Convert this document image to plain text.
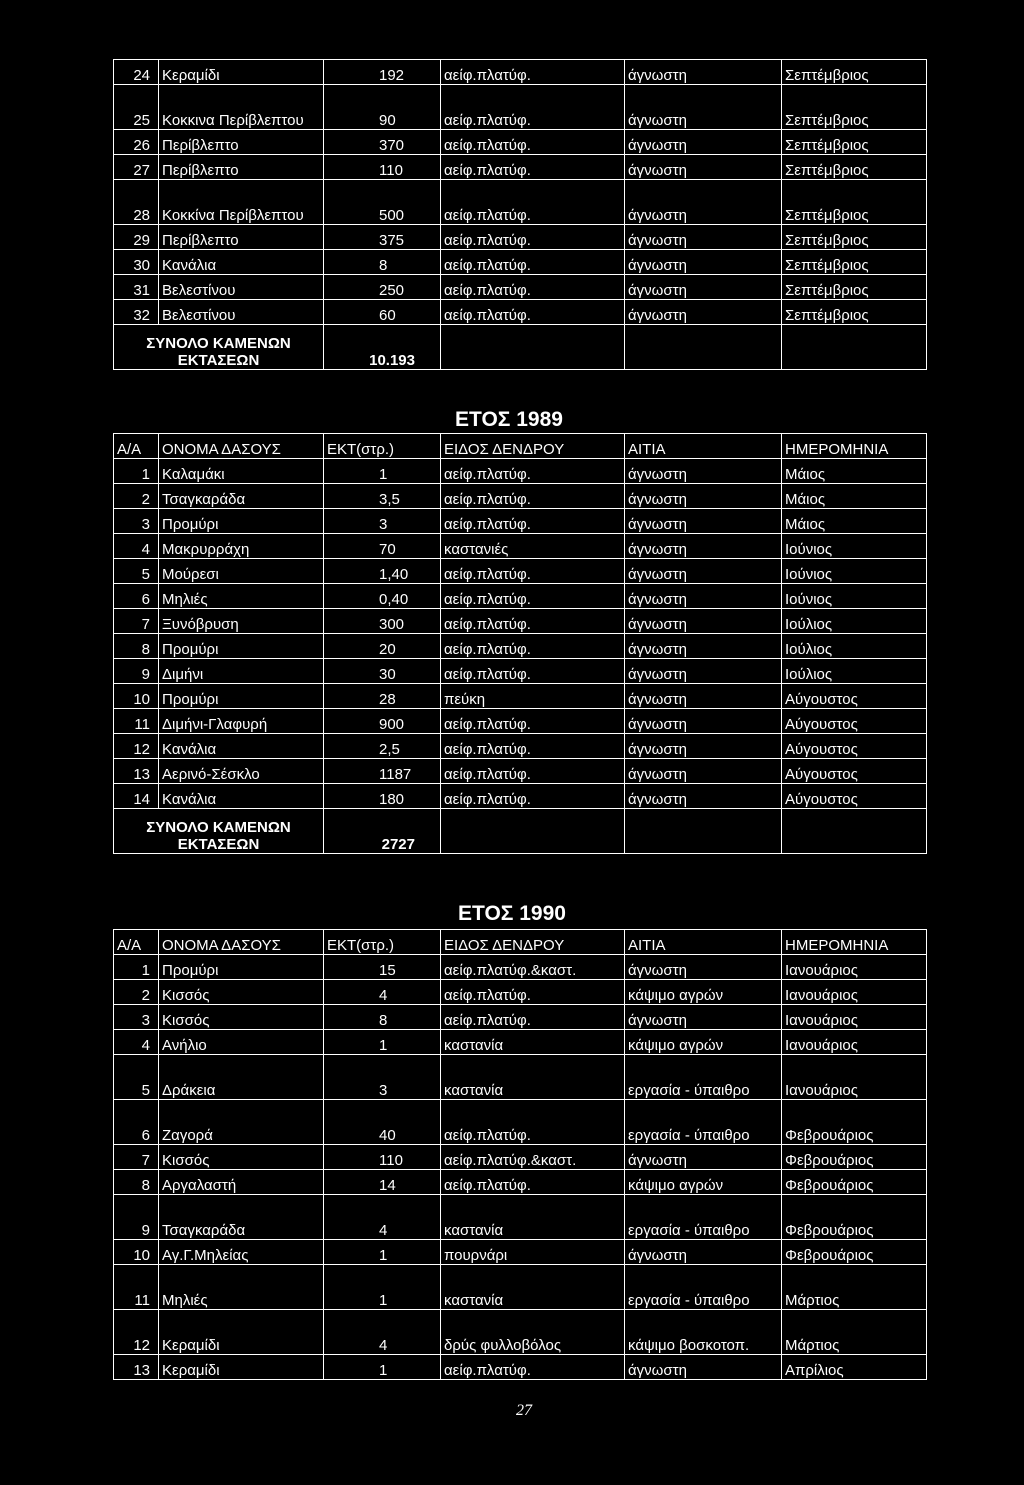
24	Κεραμίδι	192	αείφ.πλατύφ.	άγνωστη	Σεπτέμβριος
25	Κοκκινα Περίβλεπτου	90	αείφ.πλατύφ.	άγνωστη	Σεπτέμβριος
26	Περίβλεπτο	370	αείφ.πλατύφ.	άγνωστη	Σεπτέμβριος
27	Περίβλεπτο	110	αείφ.πλατύφ.	άγνωστη	Σεπτέμβριος
28	Κοκκίνα Περίβλεπτου	500	αείφ.πλατύφ.	άγνωστη	Σεπτέμβριος
29	Περίβλεπτο	375	αείφ.πλατύφ.	άγνωστη	Σεπτέμβριος
30	Κανάλια	8	αείφ.πλατύφ.	άγνωστη	Σεπτέμβριος
31	Βελεστίνου	250	αείφ.πλατύφ.	άγνωστη	Σεπτέμβριος
32	Βελεστίνου	60	αείφ.πλατύφ.	άγνωστη	Σεπτέμβριος
ΣΥΝΟΛΟ ΚΑΜΕΝΩΝ ΕΚΤΑΣΕΩΝ		10.193			
ΕΤΟΣ 1989
Α/Α	ΟΝΟΜΑ ΔΑΣΟΥΣ	ΕΚΤ(στρ.)	ΕΙΔΟΣ ΔΕΝΔΡΟΥ	ΑΙΤΙΑ	ΗΜΕΡΟΜΗΝΙΑ
1	Καλαμάκι	1	αείφ.πλατύφ.	άγνωστη	Μάιος
2	Τσαγκαράδα	3,5	αείφ.πλατύφ.	άγνωστη	Μάιος
3	Προμύρι	3	αείφ.πλατύφ.	άγνωστη	Μάιος
4	Μακρυρράχη	70	καστανιές	άγνωστη	Ιούνιος
5	Μούρεσι	1,40	αείφ.πλατύφ.	άγνωστη	Ιούνιος
6	Μηλιές	0,40	αείφ.πλατύφ.	άγνωστη	Ιούνιος
7	Ξυνόβρυση	300	αείφ.πλατύφ.	άγνωστη	Ιούλιος
8	Προμύρι	20	αείφ.πλατύφ.	άγνωστη	Ιούλιος
9	Διμήνι	30	αείφ.πλατύφ.	άγνωστη	Ιούλιος
10	Προμύρι	28	πεύκη	άγνωστη	Αύγουστος
11	Διμήνι-Γλαφυρή	900	αείφ.πλατύφ.	άγνωστη	Αύγουστος
12	Κανάλια	2,5	αείφ.πλατύφ.	άγνωστη	Αύγουστος
13	Αερινό-Σέσκλο	1187	αείφ.πλατύφ.	άγνωστη	Αύγουστος
14	Κανάλια	180	αείφ.πλατύφ.	άγνωστη	Αύγουστος
ΣΥΝΟΛΟ ΚΑΜΕΝΩΝ ΕΚΤΑΣΕΩΝ		2727			
ΕΤΟΣ 1990
Α/Α	ΟΝΟΜΑ ΔΑΣΟΥΣ	ΕΚΤ(στρ.)	ΕΙΔΟΣ ΔΕΝΔΡΟΥ	ΑΙΤΙΑ	ΗΜΕΡΟΜΗΝΙΑ
1	Προμύρι	15	αείφ.πλατύφ.&καστ.	άγνωστη	Ιανουάριος
2	Κισσός	4	αείφ.πλατύφ.	κάψιμο αγρών	Ιανουάριος
3	Κισσός	8	αείφ.πλατύφ.	άγνωστη	Ιανουάριος
4	Ανήλιο	1	καστανία	κάψιμο αγρών	Ιανουάριος
5	Δράκεια	3	καστανία	εργασία - ύπαιθρο	Ιανουάριος
6	Ζαγορά	40	αείφ.πλατύφ.	εργασία - ύπαιθρο	Φεβρουάριος
7	Κισσός	110	αείφ.πλατύφ.&καστ.	άγνωστη	Φεβρουάριος
8	Αργαλαστή	14	αείφ.πλατύφ.	κάψιμο αγρών	Φεβρουάριος
9	Τσαγκαράδα	4	καστανία	εργασία - ύπαιθρο	Φεβρουάριος
10	Αγ.Γ.Μηλείας	1	πουρνάρι	άγνωστη	Φεβρουάριος
11	Μηλιές	1	καστανία	εργασία - ύπαιθρο	Μάρτιος
12	Κεραμίδι	4	δρύς φυλλοβόλος	κάψιμο βοσκοτοπ.	Μάρτιος
13	Κεραμίδι	1	αείφ.πλατύφ.	άγνωστη	Απρίλιος
27
